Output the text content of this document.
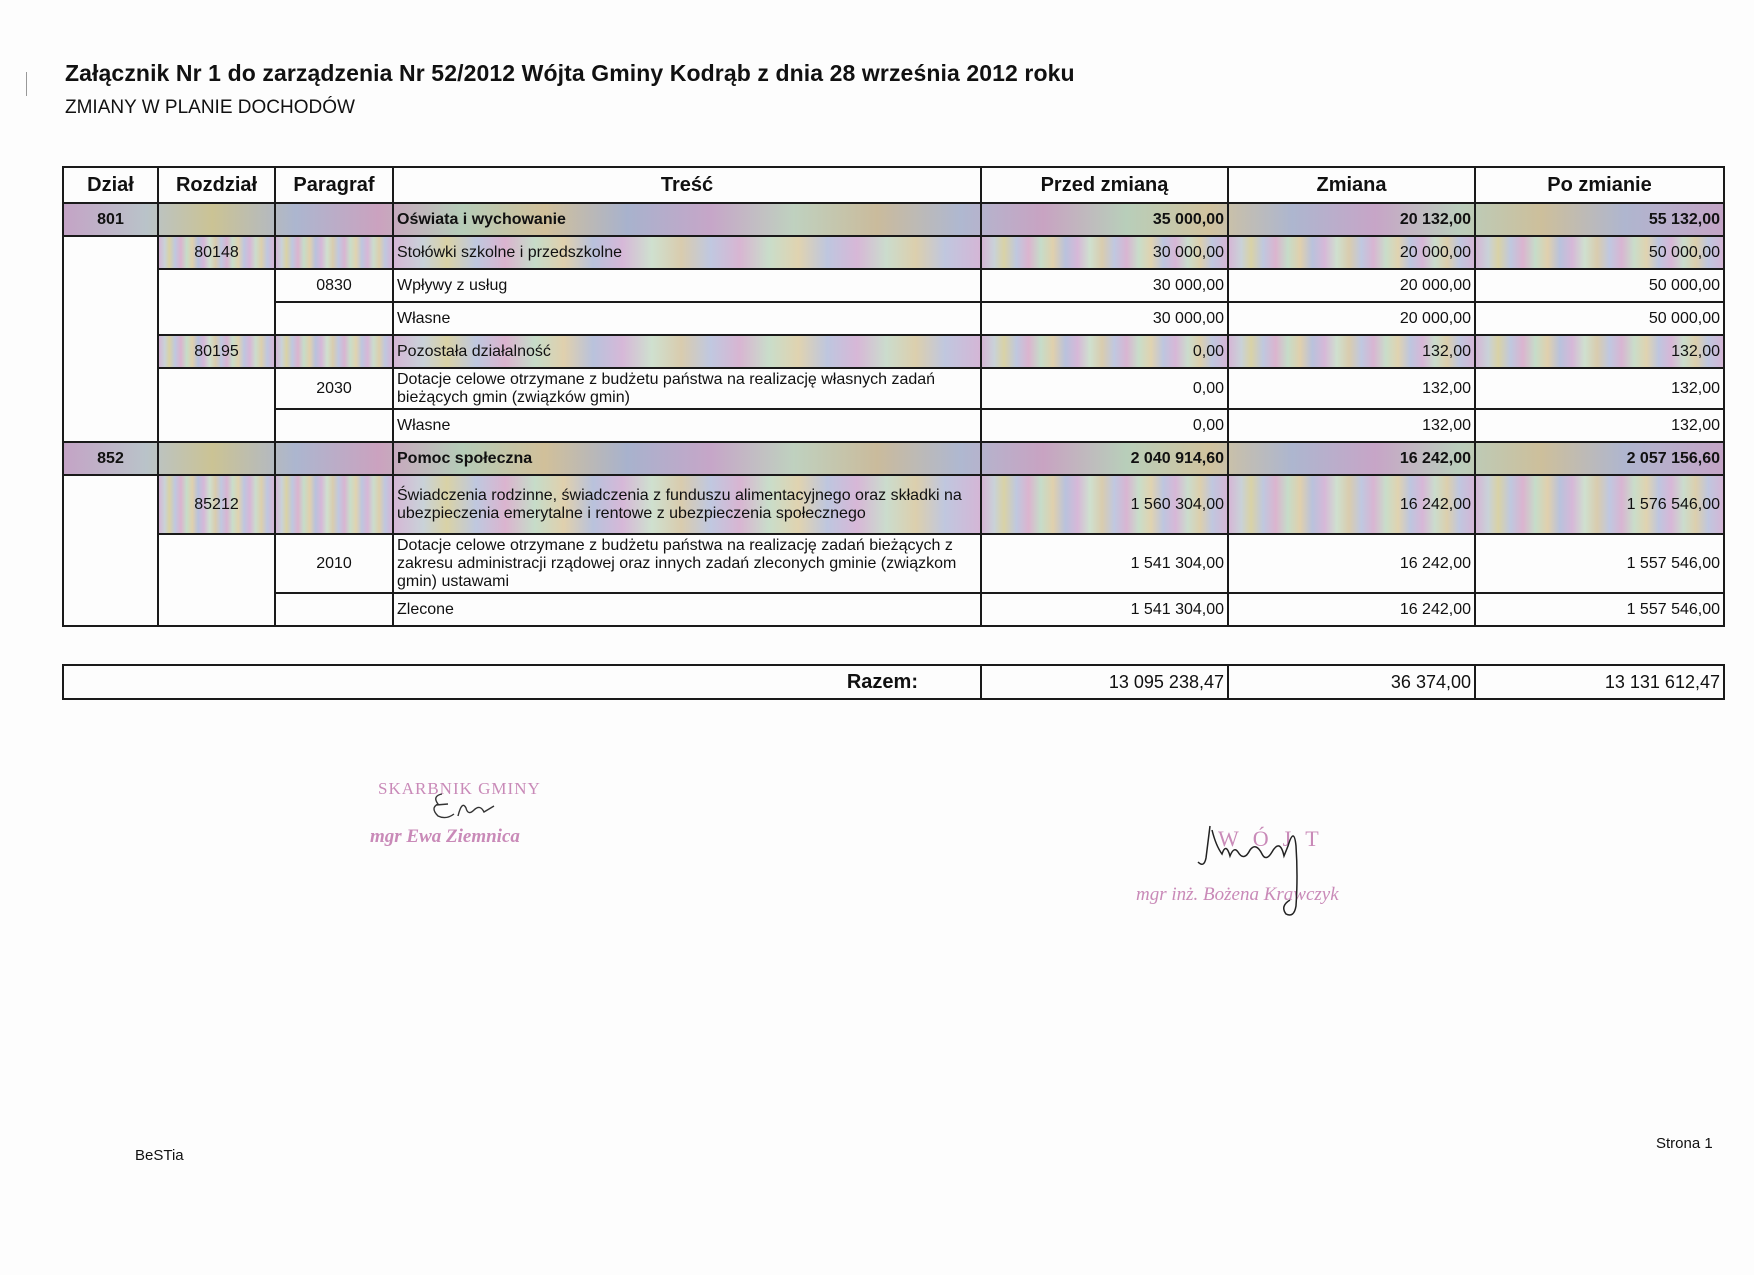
Załącznik Nr 1 do zarządzenia Nr 52/2012 Wójta Gminy Kodrąb z dnia 28 września 2012 roku
ZMIANY W PLANIE DOCHODÓW
Dział	Rozdział	Paragraf	Treść	Przed zmianą	Zmiana	Po zmianie
801			Oświata i wychowanie	35 000,00	20 132,00	55 132,00
	80148		Stołówki szkolne i przedszkolne	30 000,00	20 000,00	50 000,00
		0830	Wpływy z usług	30 000,00	20 000,00	50 000,00
			Własne	30 000,00	20 000,00	50 000,00
	80195		Pozostała działalność	0,00	132,00	132,00
		2030	Dotacje celowe otrzymane z budżetu państwa na realizację własnych zadań bieżących gmin (związków gmin)	0,00	132,00	132,00
			Własne	0,00	132,00	132,00
852			Pomoc społeczna	2 040 914,60	16 242,00	2 057 156,60
	85212		Świadczenia rodzinne, świadczenia z funduszu alimentacyjnego oraz składki na ubezpieczenia emerytalne i rentowe z ubezpieczenia społecznego	1 560 304,00	16 242,00	1 576 546,00
		2010	Dotacje celowe otrzymane z budżetu państwa na realizację zadań bieżących z zakresu administracji rządowej oraz innych zadań zleconych gminie (związkom gmin) ustawami	1 541 304,00	16 242,00	1 557 546,00
			Zlecone	1 541 304,00	16 242,00	1 557 546,00
Razem:	13 095 238,47	36 374,00	13 131 612,47
SKARBNIK GMINY
mgr Ewa Ziemnica	WÓJT
mgr inż. Bożena Krawczyk
BeSTia
Strona 1
